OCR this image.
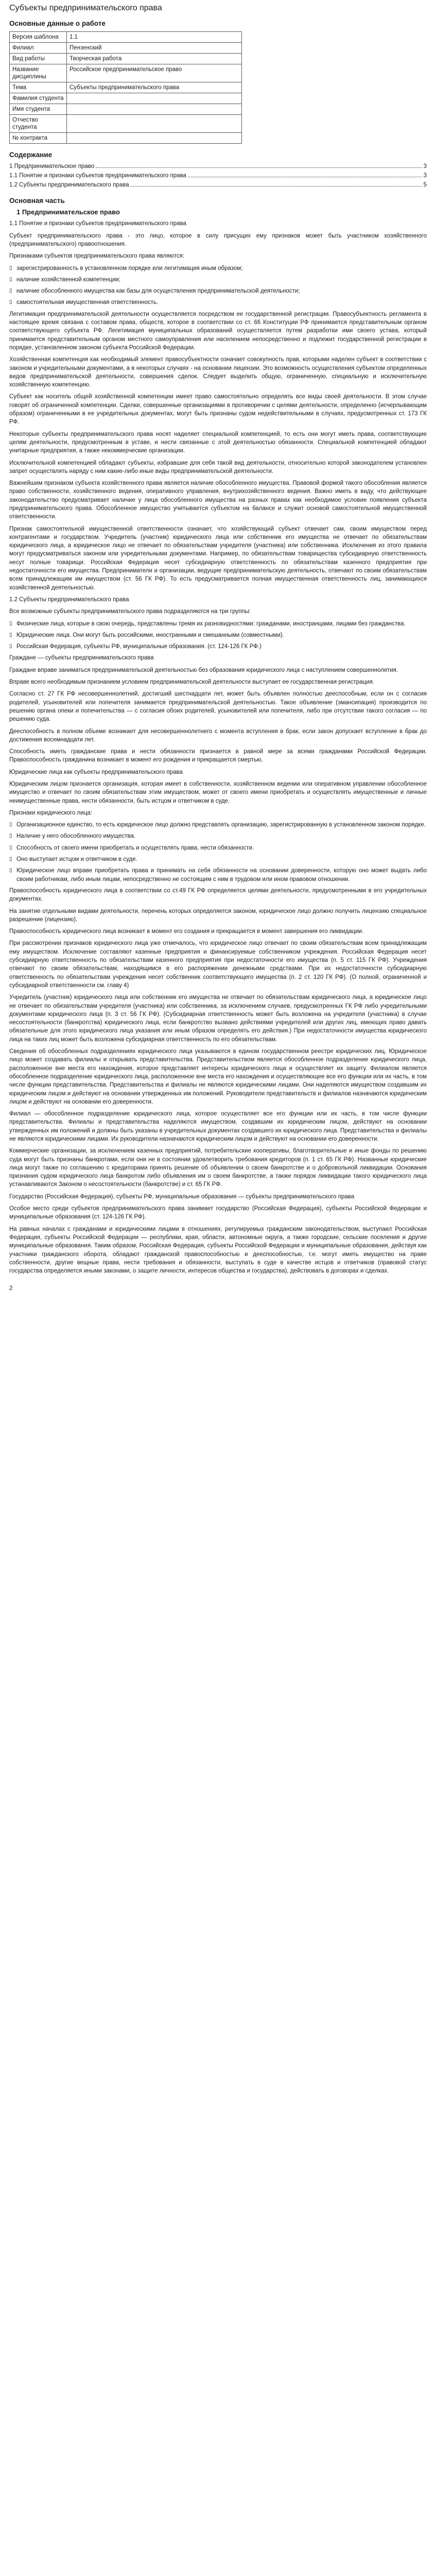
Субъекты предпринимательского права
Основные данные о работе
Версия шаблона	1.1
Филиал	Пензенский
Вид работы	Творческая работа
Название дисциплины	Российское предпринимательское право
Тема	Субъекты предпринимательского права
Фамилия студента	
Имя студента	
Отчество студента	
№ контракта	
Содержание
1 Предпринимательское право	3
1.1 Понятие и признаки субъектов предпринимательского права	3
1.2 Субъекты предпринимательского права	5
Основная часть
1 Предпринимательское право

1.1 Понятие и признаки субъектов предпринимательского права

Субъект предпринимательского права - это лицо, которое в силу присущих ему признаков может быть участником хозяйственного (предпринимательского) правоотношения.

Признаками субъектов предпринимательского права являются:

▯ зарегистрированность в установленном порядке или легитимация иным образом;
▯ наличие хозяйственной компетенции;
▯ наличие обособленного имущества как базы для осуществления предпринимательской деятельности;
▯ самостоятельная имущественная ответственность.

Легитимация предпринимательской деятельности осуществляется посредством ее государственной регистрации. Правосубъектность регламента в настоящее время связана с составом права, обществ, которое в соответствии со ст. 66 Конституции РФ принимается представительным органом соответствующего субъекта РФ. Легитимация муниципальных образований осуществляется путем разработки ими своего устава, который принимается представительным органом местного самоуправления или населением непосредственно и подлежит государственной регистрации в порядке, установленном законом субъекта Российской Федерации.

Хозяйственная компетенция как необходимый элемент правосубъектности означает совокупность прав, которыми наделен субъект в соответствии с законом и учредительными документами, а в некоторых случаях - на основании лицензии. Это возможность осуществления субъектом определенных видов предпринимательской деятельности, совершения сделок. Следует выделить общую, ограниченную, специальную и исключительную хозяйственную компетенцию.

Субъект как носитель общей хозяйственной компетенции имеет право самостоятельно определять все виды своей деятельности. В этом случае говорят об ограниченной компетенции. Сделки, совершенные организациями в противоречии с целями деятельности, определенно (исчерпывающим образом) ограниченными в ее учредительных документах, могут быть признаны судом недействительными в случаях, предусмотренных ст. 173 ГК РФ.

Некоторые субъекты предпринимательского права носят наделяет специальной компетенцией, то есть они могут иметь права, соответствующие целям деятельности, предусмотренным в уставе, и нести связанные с этой деятельностью обязанности. Специальной компетенцией обладают унитарные предприятия, а также некоммерческие организации.

Исключительной компетенцией обладают субъекты, избравшие для себя такой вид деятельности, относительно которой законодателем установлен запрет осуществлять наряду с ним какие-либо иные виды предпринимательской деятельности.

Важнейшим признаком субъекта хозяйственного права является наличие обособленного имущества. Правовой формой такого обособления является право собственности, хозяйственного ведения, оперативного управления, внутрихозяйственного ведения. Важно иметь в виду, что действующее законодательство предусматривает наличие у лица обособленного имущества на разных правах как необходимое условие появления субъекта предпринимательского права. Обособленное имущество учитывается субъектом на балансе и служит основой самостоятельной имущественной ответственности.

Признак самостоятельной имущественной ответственности означает, что хозяйствующий субъект отвечает сам, своим имуществом перед контрагентами и государством. Учредитель (участник) юридического лица или собственник его имущества не отвечает по обязательствам юридического лица, а юридическое лицо не отвечает по обязательствам учредителя (участника) или собственника. Исключения из этого правила могут предусматриваться законом или учредительными документами. Например, по обязательствам товарищества субсидиарную ответственность несут полные товарищи. Российская Федерация несет субсидиарную ответственность по обязательствам казенного предприятия при недостаточности его имущества. Предприниматели и организации, ведущие предпринимательскую деятельность, отвечают по своим обязательствам всем принадлежащим им имуществом (ст. 56 ГК РФ). То есть предусматривается полная имущественная ответственность лиц, занимающихся хозяйственной деятельностью.

1.2 Субъекты предпринимательского права

Все возможные субъекты предпринимательского права подразделяются на три группы:

▯ Физические лица, которые в свою очередь, представлены тремя их разновидностями: гражданами, иностранцами, лицами без гражданства.
▯ Юридические лица. Они могут быть российскими, иностранными и смешанными (совместными).
▯ Российская Федерация, субъекты РФ, муниципальные образования. (ст. 124-126 ГК РФ.)

Граждане — субъекты предпринимательского права

Граждане вправе заниматься предпринимательской деятельностью без образования юридического лица с наступлением совершеннолетия.

Вправе всего необходимым признанием условием предпринимательской деятельности выступает ее государственная регистрация.

Согласно ст. 27 ГК РФ несовершеннолетний, достигший шестнадцати лет, может быть объявлен полностью дееспособным, если он с согласия родителей, усыновителей или попечителя занимается предпринимательской деятельностью. Такое объявление (эмансипация) производится по решению органа опеки и попечительства — с согласия обоих родителей, усыновителей или попечителя, либо при отсутствии такого согласия — по решению суда.

Дееспособность в полном объеме возникает для несовершеннолетнего с момента вступления в брак, если закон допускает вступление в брак до достижения восемнадцати лет.

Способность иметь гражданские права и нести обязанности признается в равной мере за всеми гражданами Российской Федерации. Правоспособность гражданина возникает в момент его рождения и прекращается смертью.

Юридические лица как субъекты предпринимательского права

Юридическим лицом признается организация, которая имеет в собственности, хозяйственном ведении или оперативном управлении обособленное имущество и отвечает по своим обязательствам этим имуществом, может от своего имени приобретать и осуществлять имущественные и личные неимущественные права, нести обязанности, быть истцом и ответчиком в суде.

Признаки юридического лица:

▯ Организационное единство, то есть юридическое лицо должно представлять организацию, зарегистрированную в установленном законом порядке.
▯ Наличие у него обособленного имущества.
▯ Способность от своего имени приобретать и осуществлять права, нести обязанности.
▯ Оно выступает истцом и ответчиком в суде.
▯ Юридическое лицо вправе приобретать права и принимать на себя обязанности на основании доверенности, которую оно может выдать либо своим работникам, либо иным лицам, непосредственно не состоящим с ним в трудовом или ином правовом отношении.

Правоспособность юридического лица в соответствии со ст.49 ГК РФ определяется целями деятельности, предусмотренными в его учредительных документах.

На занятие отдельными видами деятельности, перечень которых определяется законом, юридическое лицо должно получить лицензию специальное разрешение (лицензию).

Правоспособность юридического лица возникает в момент его создания и прекращается в момент завершения его ликвидации.

При рассмотрении признаков юридического лица уже отмечалось, что юридическое лицо отвечает по своим обязательствам всем принадлежащим ему имуществом. Исключение составляют казенные предприятия и финансируемые собственником учреждения. Российская Федерация несет субсидиарную ответственность по обязательствам казенного предприятия при недостаточности его имущества (п. 5 ст. 115 ГК РФ). Учреждения отвечают по своим обязательствам, находящимся в его распоряжении денежными средствами. При их недостаточности субсидиарную ответственность по обязательствам учреждения несет собственник соответствующего имущества (п. 2 ст. 120 ГК РФ). (О полной, ограниченной и субсидиарной ответственности см. главу 4)

Учредитель (участник) юридического лица или собственник его имущества не отвечает по обязательствам юридического лица, а юридическое лицо не отвечает по обязательствам учредителя (участника) или собственника, за исключением случаев, предусмотренных ГК РФ либо учредительными документами юридического лица (п. 3 ст. 56 ГК РФ). (Субсидиарная ответственность может быть возложена на учредителя (участника) в случае несостоятельности (банкротства) юридического лица, если банкротство вызвано действиями учредителей или других лиц, имеющих право давать обязательные для этого юридического лица указания или иным образом определять его действия.) При недостаточности имущества юридического лица на таких лиц может быть возложена субсидиарная ответственность по его обязательствам.

Сведения об обособленных подразделениях юридического лица указываются в едином государственном реестре юридических лиц. Юридическое лицо может создавать филиалы и открывать представительства. Представительством является обособленное подразделение юридического лица, расположенное вне места его нахождения, которое представляет интересы юридического лица и осуществляет их защиту. Филиалом является обособленное подразделение юридического лица, расположенное вне места его нахождения и осуществляющее все его функции или их часть, в том числе функции представительства. Представительства и филиалы не являются юридическими лицами. Они наделяются имуществом создавшим их юридическим лицом и действуют на основании утвержденных им положений. Руководители представительств и филиалов назначаются юридическим лицом и действуют на основании его доверенности.

Филиал — обособленное подразделение юридического лица, которое осуществляет все его функции или их часть, в том числе функции представительства. Филиалы и представительства наделяются имуществом, создавшим их юридическим лицом, действуют на основании утвержденных им положений и должны быть указаны в учредительных документах создавшего их юридического лица. Представительства и филиалы не являются юридическими лицами. Их руководители назначаются юридическим лицом и действуют на основании его доверенности.

Коммерческие организации, за исключением казенных предприятий, потребительские кооперативы, благотворительные и иные фонды по решению суда могут быть признаны банкротами, если они не в состоянии удовлетворить требования кредиторов (п. 1 ст. 65 ГК РФ). Названные юридические лица могут также по соглашению с кредиторами принять решение об объявлении о своем банкротстве и о добровольной ликвидации. Основания признания судом юридического лица банкротом либо объявления им о своем банкротстве, а также порядок ликвидации такого юридического лица устанавливаются Законом о несостоятельности (банкротстве) и ст. 65 ГК РФ.

Государство (Российская Федерация), субъекты РФ, муниципальные образования — субъекты предпринимательского права

Особое место среди субъектов предпринимательского права занимает государство (Российская Федерация), субъекты Российской Федерации и муниципальные образования (ст. 124-126 ГК РФ).

На равных началах с гражданами и юридическими лицами в отношениях, регулируемых гражданским законодательством, выступают Российская Федерация, субъекты Российской Федерации — республики, края, области, автономные округа, а также городские, сельские поселения и другие муниципальные образования. Таким образом, Российская Федерация, субъекты Российской Федерации и муниципальные образования, действуя как участники гражданского оборота, обладают гражданской правоспособностью и дееспособностью, т.е. могут иметь имущество на праве собственности, другие вещные права, нести требования и обязанности, выступать в суде в качестве истцов и ответчиков (правовой статус государства определяется иными законами, о защите личности, интересов общества и государства), действовать в договорах и сделках.

2
